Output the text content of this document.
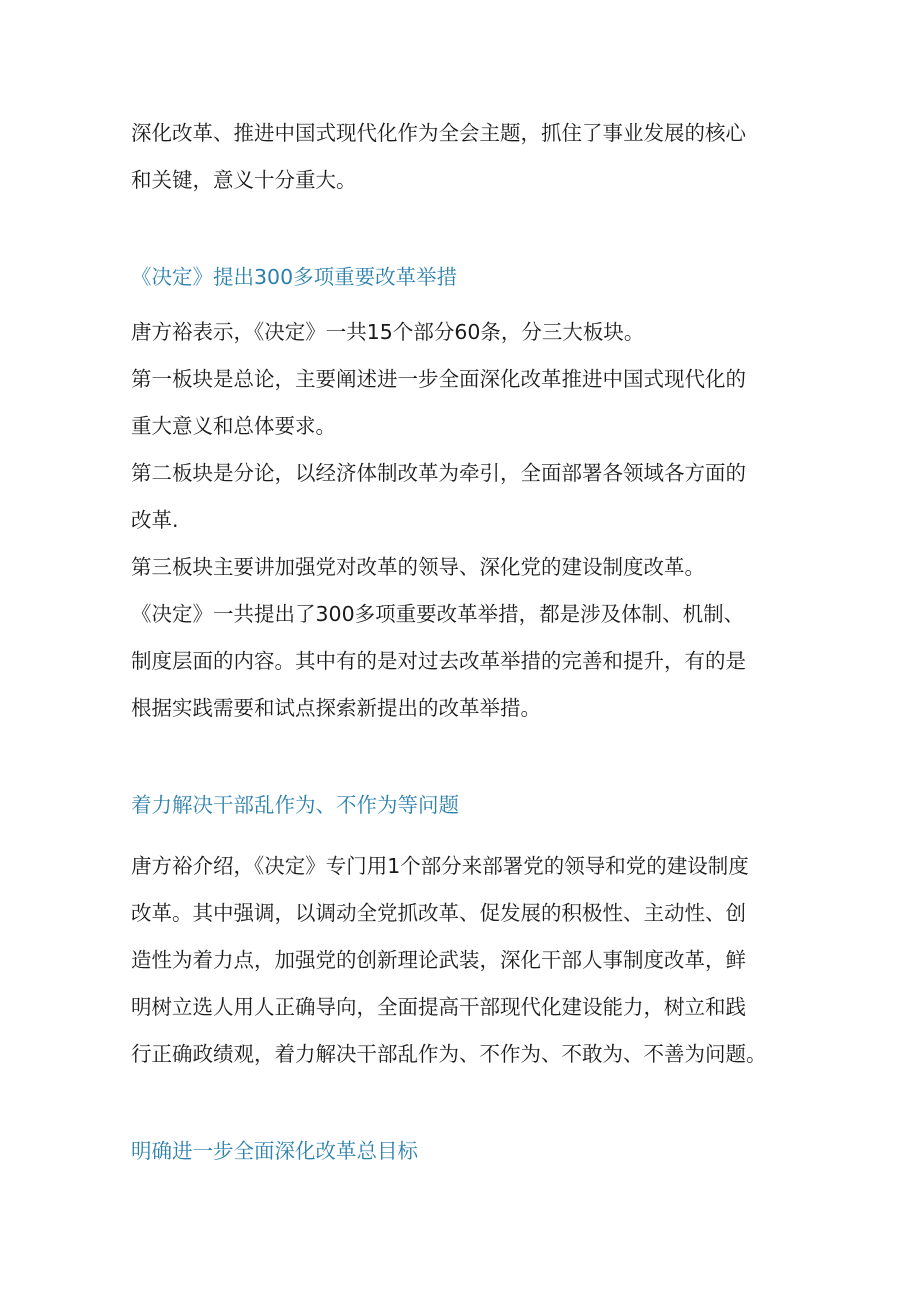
深化改革、推进中国式现代化作为全会主题，抓住了事业发展的核心
和关键，意义十分重大。
《决定》提出300多项重要改革举措
唐方裕表示，《决定》一共15个部分60条，分三大板块。
第一板块是总论，主要阐述进一步全面深化改革推进中国式现代化的
重大意义和总体要求。
第二板块是分论，以经济体制改革为牵引，全面部署各领域各方面的
改革.
第三板块主要讲加强党对改革的领导、深化党的建设制度改革。
《决定》一共提出了300多项重要改革举措，都是涉及体制、机制、
制度层面的内容。其中有的是对过去改革举措的完善和提升，有的是
根据实践需要和试点探索新提出的改革举措。
着力解决干部乱作为、不作为等问题
唐方裕介绍，《决定》专门用1个部分来部署党的领导和党的建设制度
改革。其中强调，以调动全党抓改革、促发展的积极性、主动性、创
造性为着力点，加强党的创新理论武装，深化干部人事制度改革，鲜
明树立选人用人正确导向，全面提高干部现代化建设能力，树立和践
行正确政绩观，着力解决干部乱作为、不作为、不敢为、不善为问题。
明确进一步全面深化改革总目标
